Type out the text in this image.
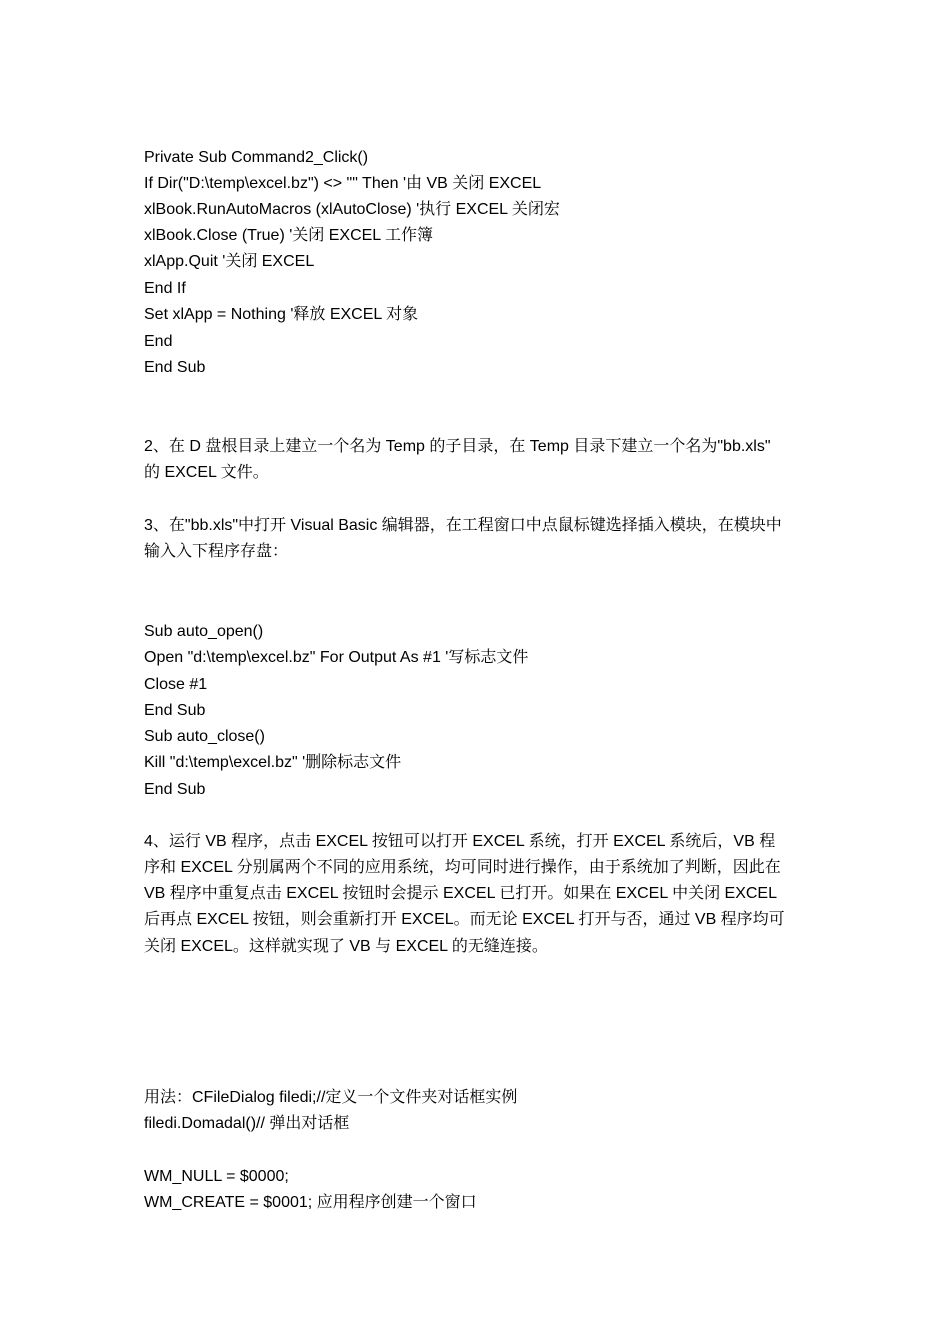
Private Sub Command2_Click()
If Dir("D:\temp\excel.bz") <> "" Then '由 VB 关闭 EXCEL
xlBook.RunAutoMacros (xlAutoClose) '执行 EXCEL 关闭宏
xlBook.Close (True) '关闭 EXCEL 工作簿
xlApp.Quit '关闭 EXCEL
End If
Set xlApp = Nothing '释放 EXCEL 对象
End
End Sub
2、在 D 盘根目录上建立一个名为 Temp 的子目录，在 Temp 目录下建立一个名为"bb.xls"
的 EXCEL 文件。
3、在"bb.xls"中打开 Visual Basic 编辑器，在工程窗口中点鼠标键选择插入模块，在模块中
输入入下程序存盘：
Sub auto_open()
Open "d:\temp\excel.bz" For Output As #1 '写标志文件
Close #1
End Sub
Sub auto_close()
Kill "d:\temp\excel.bz" '删除标志文件
End Sub
4、运行 VB 程序，点击 EXCEL 按钮可以打开 EXCEL 系统，打开 EXCEL 系统后，VB 程
序和 EXCEL 分别属两个不同的应用系统，均可同时进行操作，由于系统加了判断，因此在
VB 程序中重复点击 EXCEL 按钮时会提示 EXCEL 已打开。如果在 EXCEL 中关闭 EXCEL
后再点 EXCEL 按钮，则会重新打开 EXCEL。而无论 EXCEL 打开与否，通过 VB 程序均可
关闭 EXCEL。这样就实现了 VB 与 EXCEL 的无缝连接。
用法：CFileDialog filedi;//定义一个文件夹对话框实例
filedi.Domadal()// 弹出对话框
WM_NULL = $0000;
WM_CREATE = $0001; 应用程序创建一个窗口
